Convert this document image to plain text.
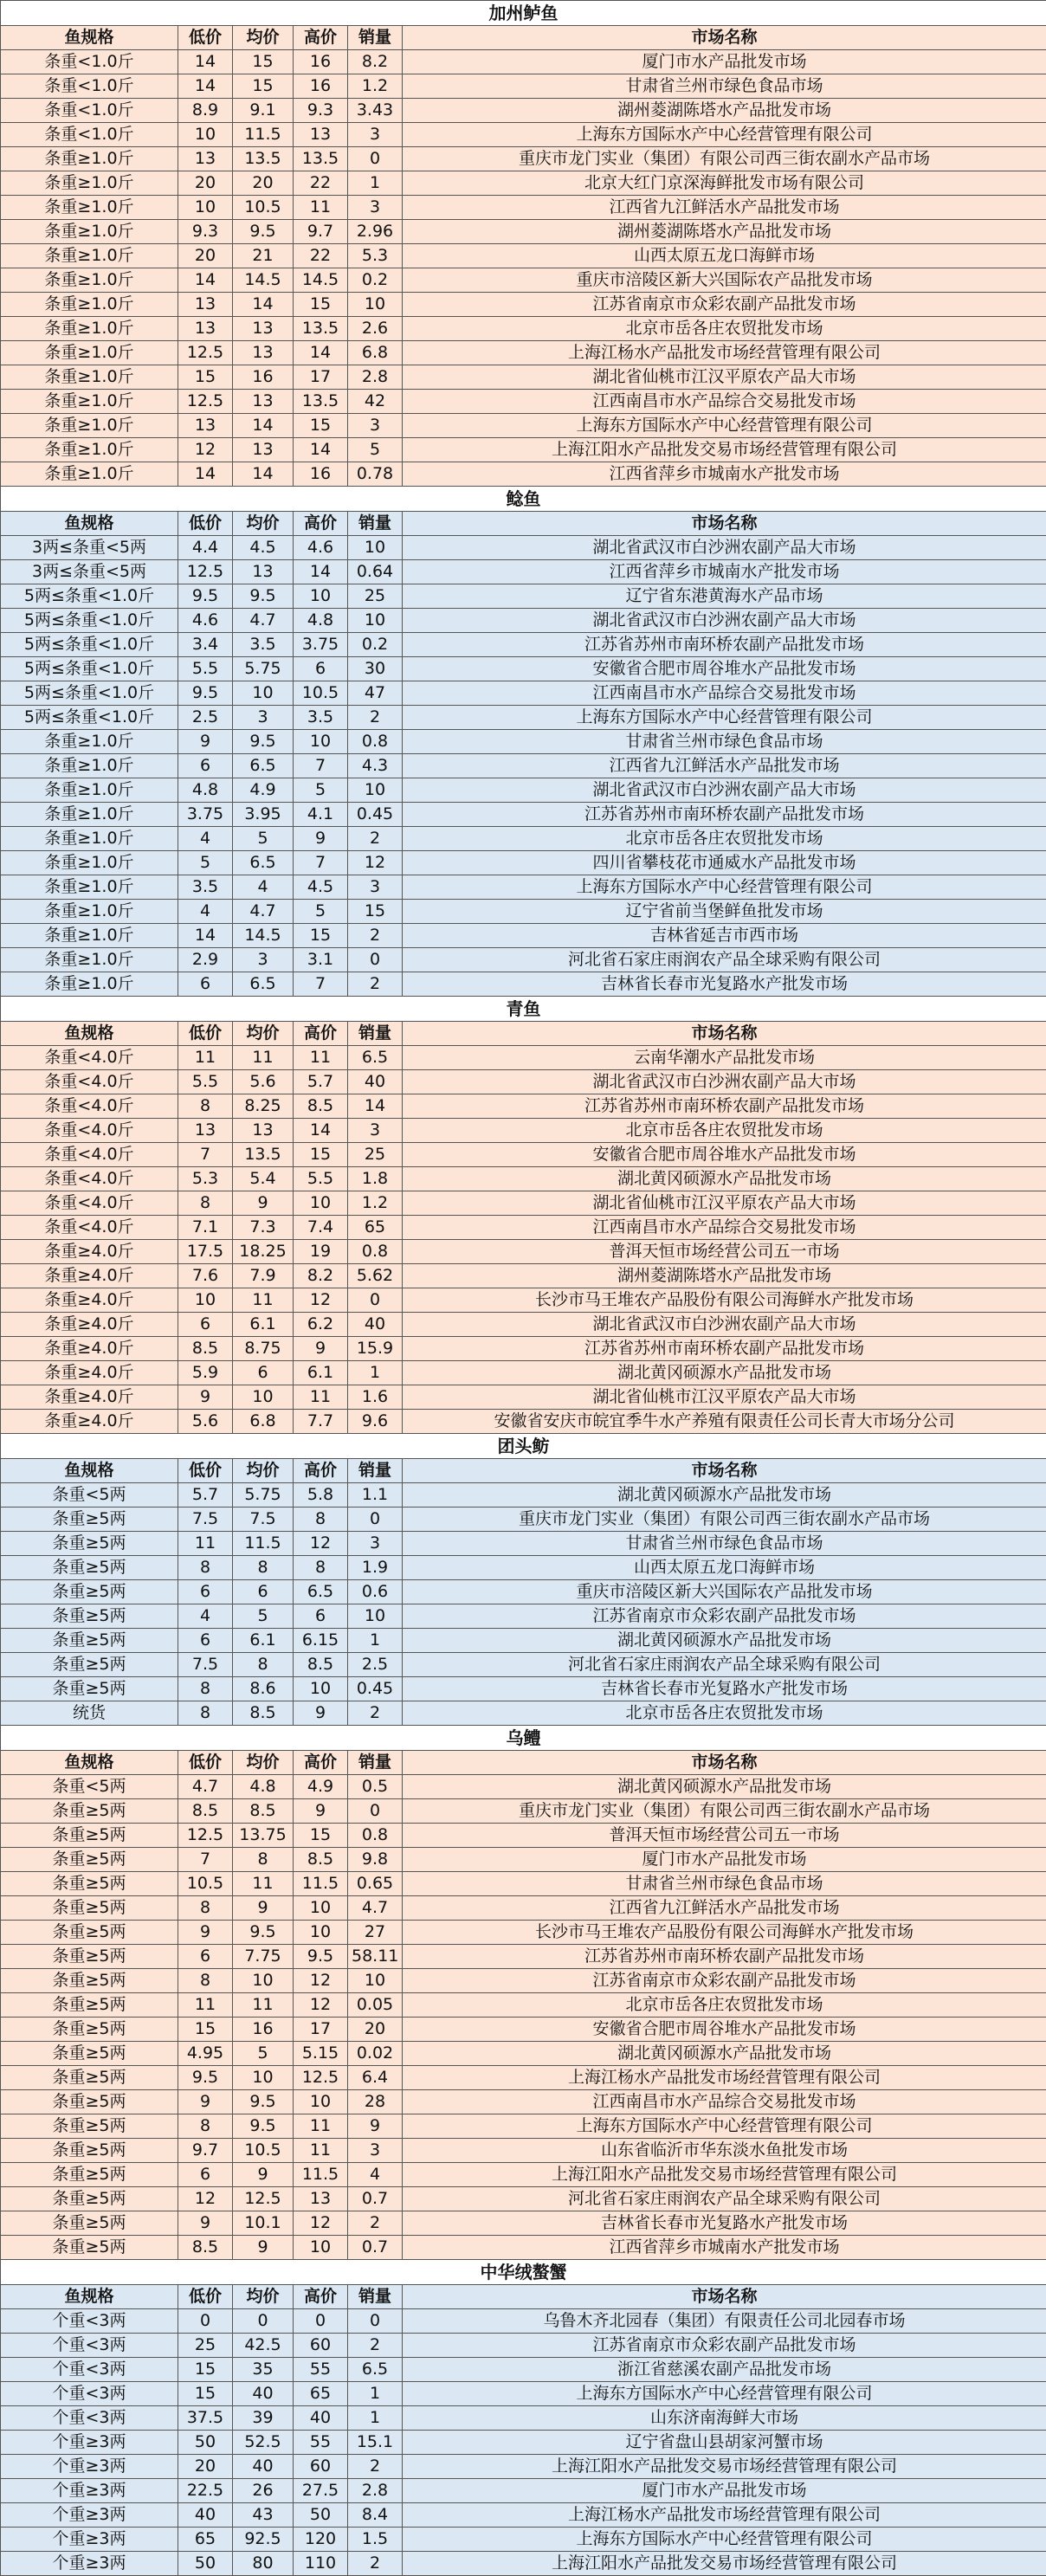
加州鲈鱼					
鱼规格	低价	均价	高价	销量	市场名称
条重<1.0斤	14	15	16	8.2	厦门市水产品批发市场
条重<1.0斤	14	15	16	1.2	甘肃省兰州市绿色食品市场
条重<1.0斤	8.9	9.1	9.3	3.43	湖州菱湖陈塔水产品批发市场
条重<1.0斤	10	11.5	13	3	上海东方国际水产中心经营管理有限公司
条重≥1.0斤	13	13.5	13.5	0	重庆市龙门实业（集团）有限公司西三街农副水产品市场
条重≥1.0斤	20	20	22	1	北京大红门京深海鲜批发市场有限公司
条重≥1.0斤	10	10.5	11	3	江西省九江鲜活水产品批发市场
条重≥1.0斤	9.3	9.5	9.7	2.96	湖州菱湖陈塔水产品批发市场
条重≥1.0斤	20	21	22	5.3	山西太原五龙口海鲜市场
条重≥1.0斤	14	14.5	14.5	0.2	重庆市涪陵区新大兴国际农产品批发市场
条重≥1.0斤	13	14	15	10	江苏省南京市众彩农副产品批发市场
条重≥1.0斤	13	13	13.5	2.6	北京市岳各庄农贸批发市场
条重≥1.0斤	12.5	13	14	6.8	上海江杨水产品批发市场经营管理有限公司
条重≥1.0斤	15	16	17	2.8	湖北省仙桃市江汉平原农产品大市场
条重≥1.0斤	12.5	13	13.5	42	江西南昌市水产品综合交易批发市场
条重≥1.0斤	13	14	15	3	上海东方国际水产中心经营管理有限公司
条重≥1.0斤	12	13	14	5	上海江阳水产品批发交易市场经营管理有限公司
条重≥1.0斤	14	14	16	0.78	江西省萍乡市城南水产批发市场
鲶鱼					
鱼规格	低价	均价	高价	销量	市场名称
3两≤条重<5两	4.4	4.5	4.6	10	湖北省武汉市白沙洲农副产品大市场
3两≤条重<5两	12.5	13	14	0.64	江西省萍乡市城南水产批发市场
5两≤条重<1.0斤	9.5	9.5	10	25	辽宁省东港黄海水产品市场
5两≤条重<1.0斤	4.6	4.7	4.8	10	湖北省武汉市白沙洲农副产品大市场
5两≤条重<1.0斤	3.4	3.5	3.75	0.2	江苏省苏州市南环桥农副产品批发市场
5两≤条重<1.0斤	5.5	5.75	6	30	安徽省合肥市周谷堆水产品批发市场
5两≤条重<1.0斤	9.5	10	10.5	47	江西南昌市水产品综合交易批发市场
5两≤条重<1.0斤	2.5	3	3.5	2	上海东方国际水产中心经营管理有限公司
条重≥1.0斤	9	9.5	10	0.8	甘肃省兰州市绿色食品市场
条重≥1.0斤	6	6.5	7	4.3	江西省九江鲜活水产品批发市场
条重≥1.0斤	4.8	4.9	5	10	湖北省武汉市白沙洲农副产品大市场
条重≥1.0斤	3.75	3.95	4.1	0.45	江苏省苏州市南环桥农副产品批发市场
条重≥1.0斤	4	5	9	2	北京市岳各庄农贸批发市场
条重≥1.0斤	5	6.5	7	12	四川省攀枝花市通威水产品批发市场
条重≥1.0斤	3.5	4	4.5	3	上海东方国际水产中心经营管理有限公司
条重≥1.0斤	4	4.7	5	15	辽宁省前当堡鲜鱼批发市场
条重≥1.0斤	14	14.5	15	2	吉林省延吉市西市场
条重≥1.0斤	2.9	3	3.1	0	河北省石家庄雨润农产品全球采购有限公司
条重≥1.0斤	6	6.5	7	2	吉林省长春市光复路水产批发市场
青鱼					
鱼规格	低价	均价	高价	销量	市场名称
条重<4.0斤	11	11	11	6.5	云南华潮水产品批发市场
条重<4.0斤	5.5	5.6	5.7	40	湖北省武汉市白沙洲农副产品大市场
条重<4.0斤	8	8.25	8.5	14	江苏省苏州市南环桥农副产品批发市场
条重<4.0斤	13	13	14	3	北京市岳各庄农贸批发市场
条重<4.0斤	7	13.5	15	25	安徽省合肥市周谷堆水产品批发市场
条重<4.0斤	5.3	5.4	5.5	1.8	湖北黄冈硕源水产品批发市场
条重<4.0斤	8	9	10	1.2	湖北省仙桃市江汉平原农产品大市场
条重<4.0斤	7.1	7.3	7.4	65	江西南昌市水产品综合交易批发市场
条重≥4.0斤	17.5	18.25	19	0.8	普洱天恒市场经营公司五一市场
条重≥4.0斤	7.6	7.9	8.2	5.62	湖州菱湖陈塔水产品批发市场
条重≥4.0斤	10	11	12	0	长沙市马王堆农产品股份有限公司海鲜水产批发市场
条重≥4.0斤	6	6.1	6.2	40	湖北省武汉市白沙洲农副产品大市场
条重≥4.0斤	8.5	8.75	9	15.9	江苏省苏州市南环桥农副产品批发市场
条重≥4.0斤	5.9	6	6.1	1	湖北黄冈硕源水产品批发市场
条重≥4.0斤	9	10	11	1.6	湖北省仙桃市江汉平原农产品大市场
条重≥4.0斤	5.6	6.8	7.7	9.6	安徽省安庆市皖宜季牛水产养殖有限责任公司长青大市场分公司
团头鲂					
鱼规格	低价	均价	高价	销量	市场名称
条重<5两	5.7	5.75	5.8	1.1	湖北黄冈硕源水产品批发市场
条重≥5两	7.5	7.5	8	0	重庆市龙门实业（集团）有限公司西三街农副水产品市场
条重≥5两	11	11.5	12	3	甘肃省兰州市绿色食品市场
条重≥5两	8	8	8	1.9	山西太原五龙口海鲜市场
条重≥5两	6	6	6.5	0.6	重庆市涪陵区新大兴国际农产品批发市场
条重≥5两	4	5	6	10	江苏省南京市众彩农副产品批发市场
条重≥5两	6	6.1	6.15	1	湖北黄冈硕源水产品批发市场
条重≥5两	7.5	8	8.5	2.5	河北省石家庄雨润农产品全球采购有限公司
条重≥5两	8	8.6	10	0.45	吉林省长春市光复路水产批发市场
统货	8	8.5	9	2	北京市岳各庄农贸批发市场
乌鳢					
鱼规格	低价	均价	高价	销量	市场名称
条重<5两	4.7	4.8	4.9	0.5	湖北黄冈硕源水产品批发市场
条重≥5两	8.5	8.5	9	0	重庆市龙门实业（集团）有限公司西三街农副水产品市场
条重≥5两	12.5	13.75	15	0.8	普洱天恒市场经营公司五一市场
条重≥5两	7	8	8.5	9.8	厦门市水产品批发市场
条重≥5两	10.5	11	11.5	0.65	甘肃省兰州市绿色食品市场
条重≥5两	8	9	10	4.7	江西省九江鲜活水产品批发市场
条重≥5两	9	9.5	10	27	长沙市马王堆农产品股份有限公司海鲜水产批发市场
条重≥5两	6	7.75	9.5	58.11	江苏省苏州市南环桥农副产品批发市场
条重≥5两	8	10	12	10	江苏省南京市众彩农副产品批发市场
条重≥5两	11	11	12	0.05	北京市岳各庄农贸批发市场
条重≥5两	15	16	17	20	安徽省合肥市周谷堆水产品批发市场
条重≥5两	4.95	5	5.15	0.02	湖北黄冈硕源水产品批发市场
条重≥5两	9.5	10	12.5	6.4	上海江杨水产品批发市场经营管理有限公司
条重≥5两	9	9.5	10	28	江西南昌市水产品综合交易批发市场
条重≥5两	8	9.5	11	9	上海东方国际水产中心经营管理有限公司
条重≥5两	9.7	10.5	11	3	山东省临沂市华东淡水鱼批发市场
条重≥5两	6	9	11.5	4	上海江阳水产品批发交易市场经营管理有限公司
条重≥5两	12	12.5	13	0.7	河北省石家庄雨润农产品全球采购有限公司
条重≥5两	9	10.1	12	2	吉林省长春市光复路水产批发市场
条重≥5两	8.5	9	10	0.7	江西省萍乡市城南水产批发市场
中华绒螯蟹					
鱼规格	低价	均价	高价	销量	市场名称
个重<3两	0	0	0	0	乌鲁木齐北园春（集团）有限责任公司北园春市场
个重<3两	25	42.5	60	2	江苏省南京市众彩农副产品批发市场
个重<3两	15	35	55	6.5	浙江省慈溪农副产品批发市场
个重<3两	15	40	65	1	上海东方国际水产中心经营管理有限公司
个重<3两	37.5	39	40	1	山东济南海鲜大市场
个重≥3两	50	52.5	55	15.1	辽宁省盘山县胡家河蟹市场
个重≥3两	20	40	60	2	上海江阳水产品批发交易市场经营管理有限公司
个重≥3两	22.5	26	27.5	2.8	厦门市水产品批发市场
个重≥3两	40	43	50	8.4	上海江杨水产品批发市场经营管理有限公司
个重≥3两	65	92.5	120	1.5	上海东方国际水产中心经营管理有限公司
个重≥3两	50	80	110	2	上海江阳水产品批发交易市场经营管理有限公司
